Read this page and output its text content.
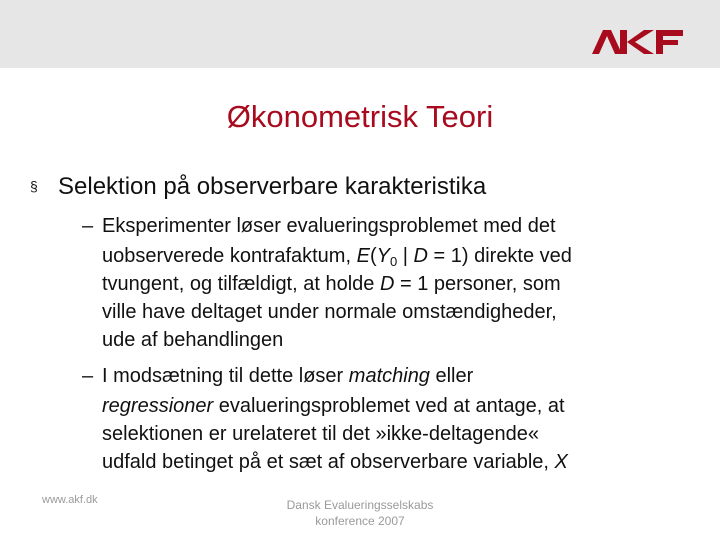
Økonometrisk Teori
§ Selektion på observerbare karakteristika
– Eksperimenter løser evalueringsproblemet med det
uobserverede kontrafaktum, $E(Y_0$ | D = 1) direkte ved
tvungent, og tilfældigt, at holde D = 1 personer, som
ville have deltaget under normale omstændigheder,
ude af behandlingen
– I modsætning til dette løser matching eller
regressioner evalueringsproblemet ved at antage, at
selektionen er urelateret til det »ikke-deltagende«
udfald betinget på et sæt af observerbare variable, X
www.akf.dk	Dansk Evalueringsselskabs
konference 2007
